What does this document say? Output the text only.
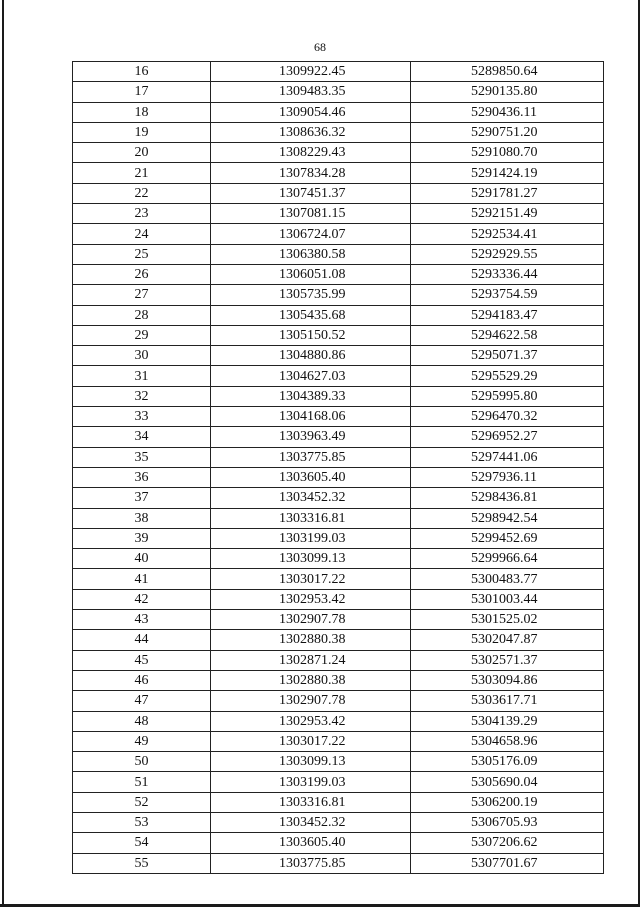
68
16	1309922.45	5289850.64
17	1309483.35	5290135.80
18	1309054.46	5290436.11
19	1308636.32	5290751.20
20	1308229.43	5291080.70
21	1307834.28	5291424.19
22	1307451.37	5291781.27
23	1307081.15	5292151.49
24	1306724.07	5292534.41
25	1306380.58	5292929.55
26	1306051.08	5293336.44
27	1305735.99	5293754.59
28	1305435.68	5294183.47
29	1305150.52	5294622.58
30	1304880.86	5295071.37
31	1304627.03	5295529.29
32	1304389.33	5295995.80
33	1304168.06	5296470.32
34	1303963.49	5296952.27
35	1303775.85	5297441.06
36	1303605.40	5297936.11
37	1303452.32	5298436.81
38	1303316.81	5298942.54
39	1303199.03	5299452.69
40	1303099.13	5299966.64
41	1303017.22	5300483.77
42	1302953.42	5301003.44
43	1302907.78	5301525.02
44	1302880.38	5302047.87
45	1302871.24	5302571.37
46	1302880.38	5303094.86
47	1302907.78	5303617.71
48	1302953.42	5304139.29
49	1303017.22	5304658.96
50	1303099.13	5305176.09
51	1303199.03	5305690.04
52	1303316.81	5306200.19
53	1303452.32	5306705.93
54	1303605.40	5307206.62
55	1303775.85	5307701.67
